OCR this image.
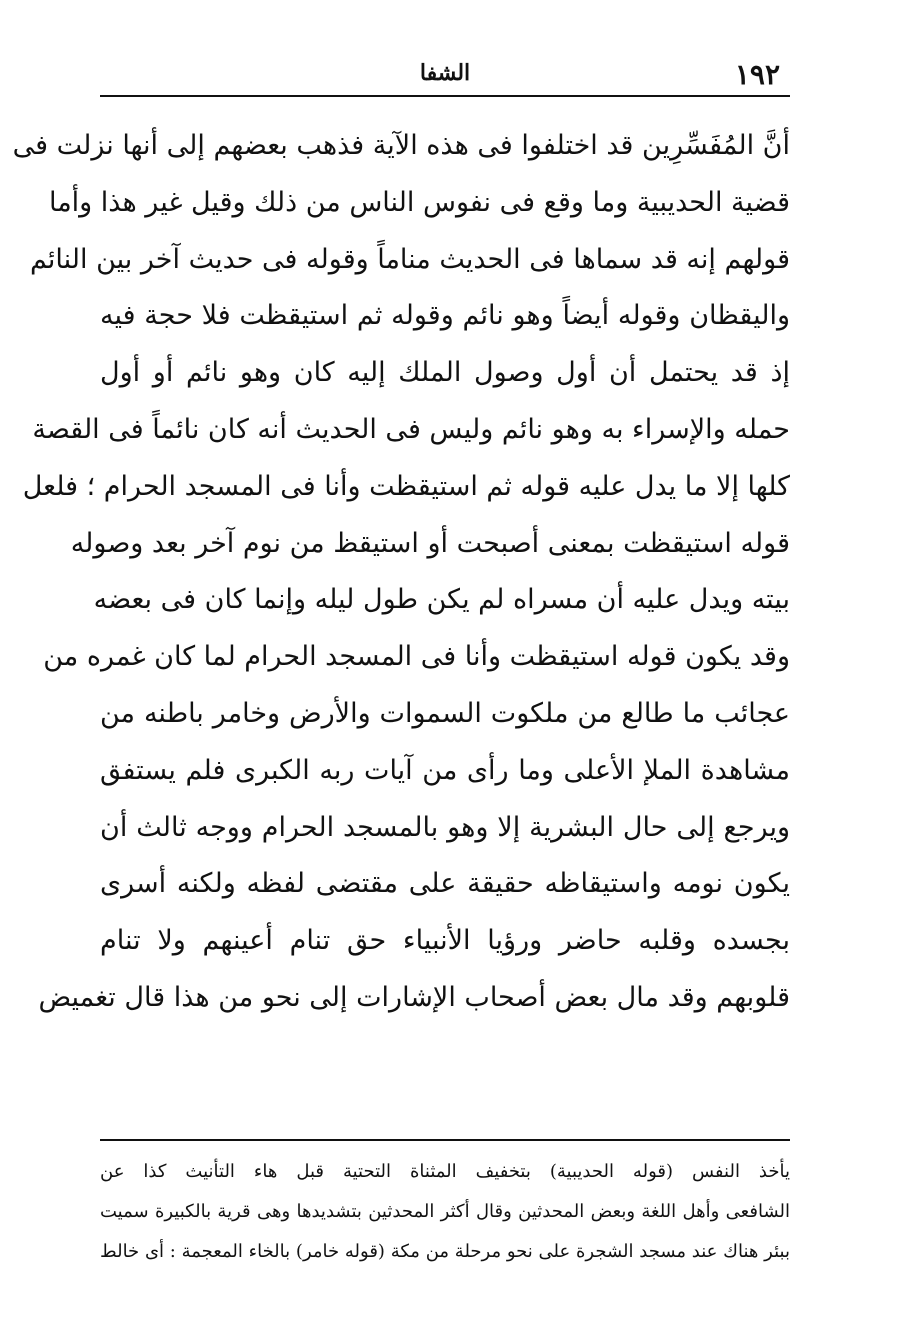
١٩٢
الشفا
أنَّ المُفَسِّرِين قد اختلفوا فى هذه الآية فذهب بعضهم إلى أنها نزلت فى
قضية الحديبية وما وقع فى نفوس الناس من ذلك وقيل غير هذا وأما
قولهم إنه قد سماها فى الحديث مناماً وقوله فى حديث آخر بين النائم
واليقظان وقوله أيضاً وهو نائم وقوله ثم استيقظت فلا حجة فيه
إذ قد يحتمل أن أول وصول الملك إليه كان وهو نائم أو أول
حمله والإسراء به وهو نائم وليس فى الحديث أنه كان نائماً فى القصة
كلها إلا ما يدل عليه قوله ثم استيقظت وأنا فى المسجد الحرام ؛ فلعل
قوله استيقظت بمعنى أصبحت أو استيقظ من نوم آخر بعد وصوله
بيته ويدل عليه أن مسراه لم يكن طول ليله وإنما كان فى بعضه
وقد يكون قوله استيقظت وأنا فى المسجد الحرام لما كان غمره من
عجائب ما طالع من ملكوت السموات والأرض وخامر باطنه من
مشاهدة الملإ الأعلى وما رأى من آيات ربه الكبرى فلم يستفق
ويرجع إلى حال البشرية إلا وهو بالمسجد الحرام ووجه ثالث أن
يكون نومه واستيقاظه حقيقة على مقتضى لفظه ولكنه أسرى
بجسده وقلبه حاضر ورؤيا الأنبياء حق تنام أعينهم ولا تنام
قلوبهم وقد مال بعض أصحاب الإشارات إلى نحو من هذا قال تغميض
يأخذ النفس (قوله الحديبية) بتخفيف المثناة التحتية قبل هاء التأنيث كذا عن
الشافعى وأهل اللغة وبعض المحدثين وقال أكثر المحدثين بتشديدها وهى قرية بالكبيرة سميت
ببئر هناك عند مسجد الشجرة على نحو مرحلة من مكة (قوله خامر) بالخاء المعجمة : أى خالط
